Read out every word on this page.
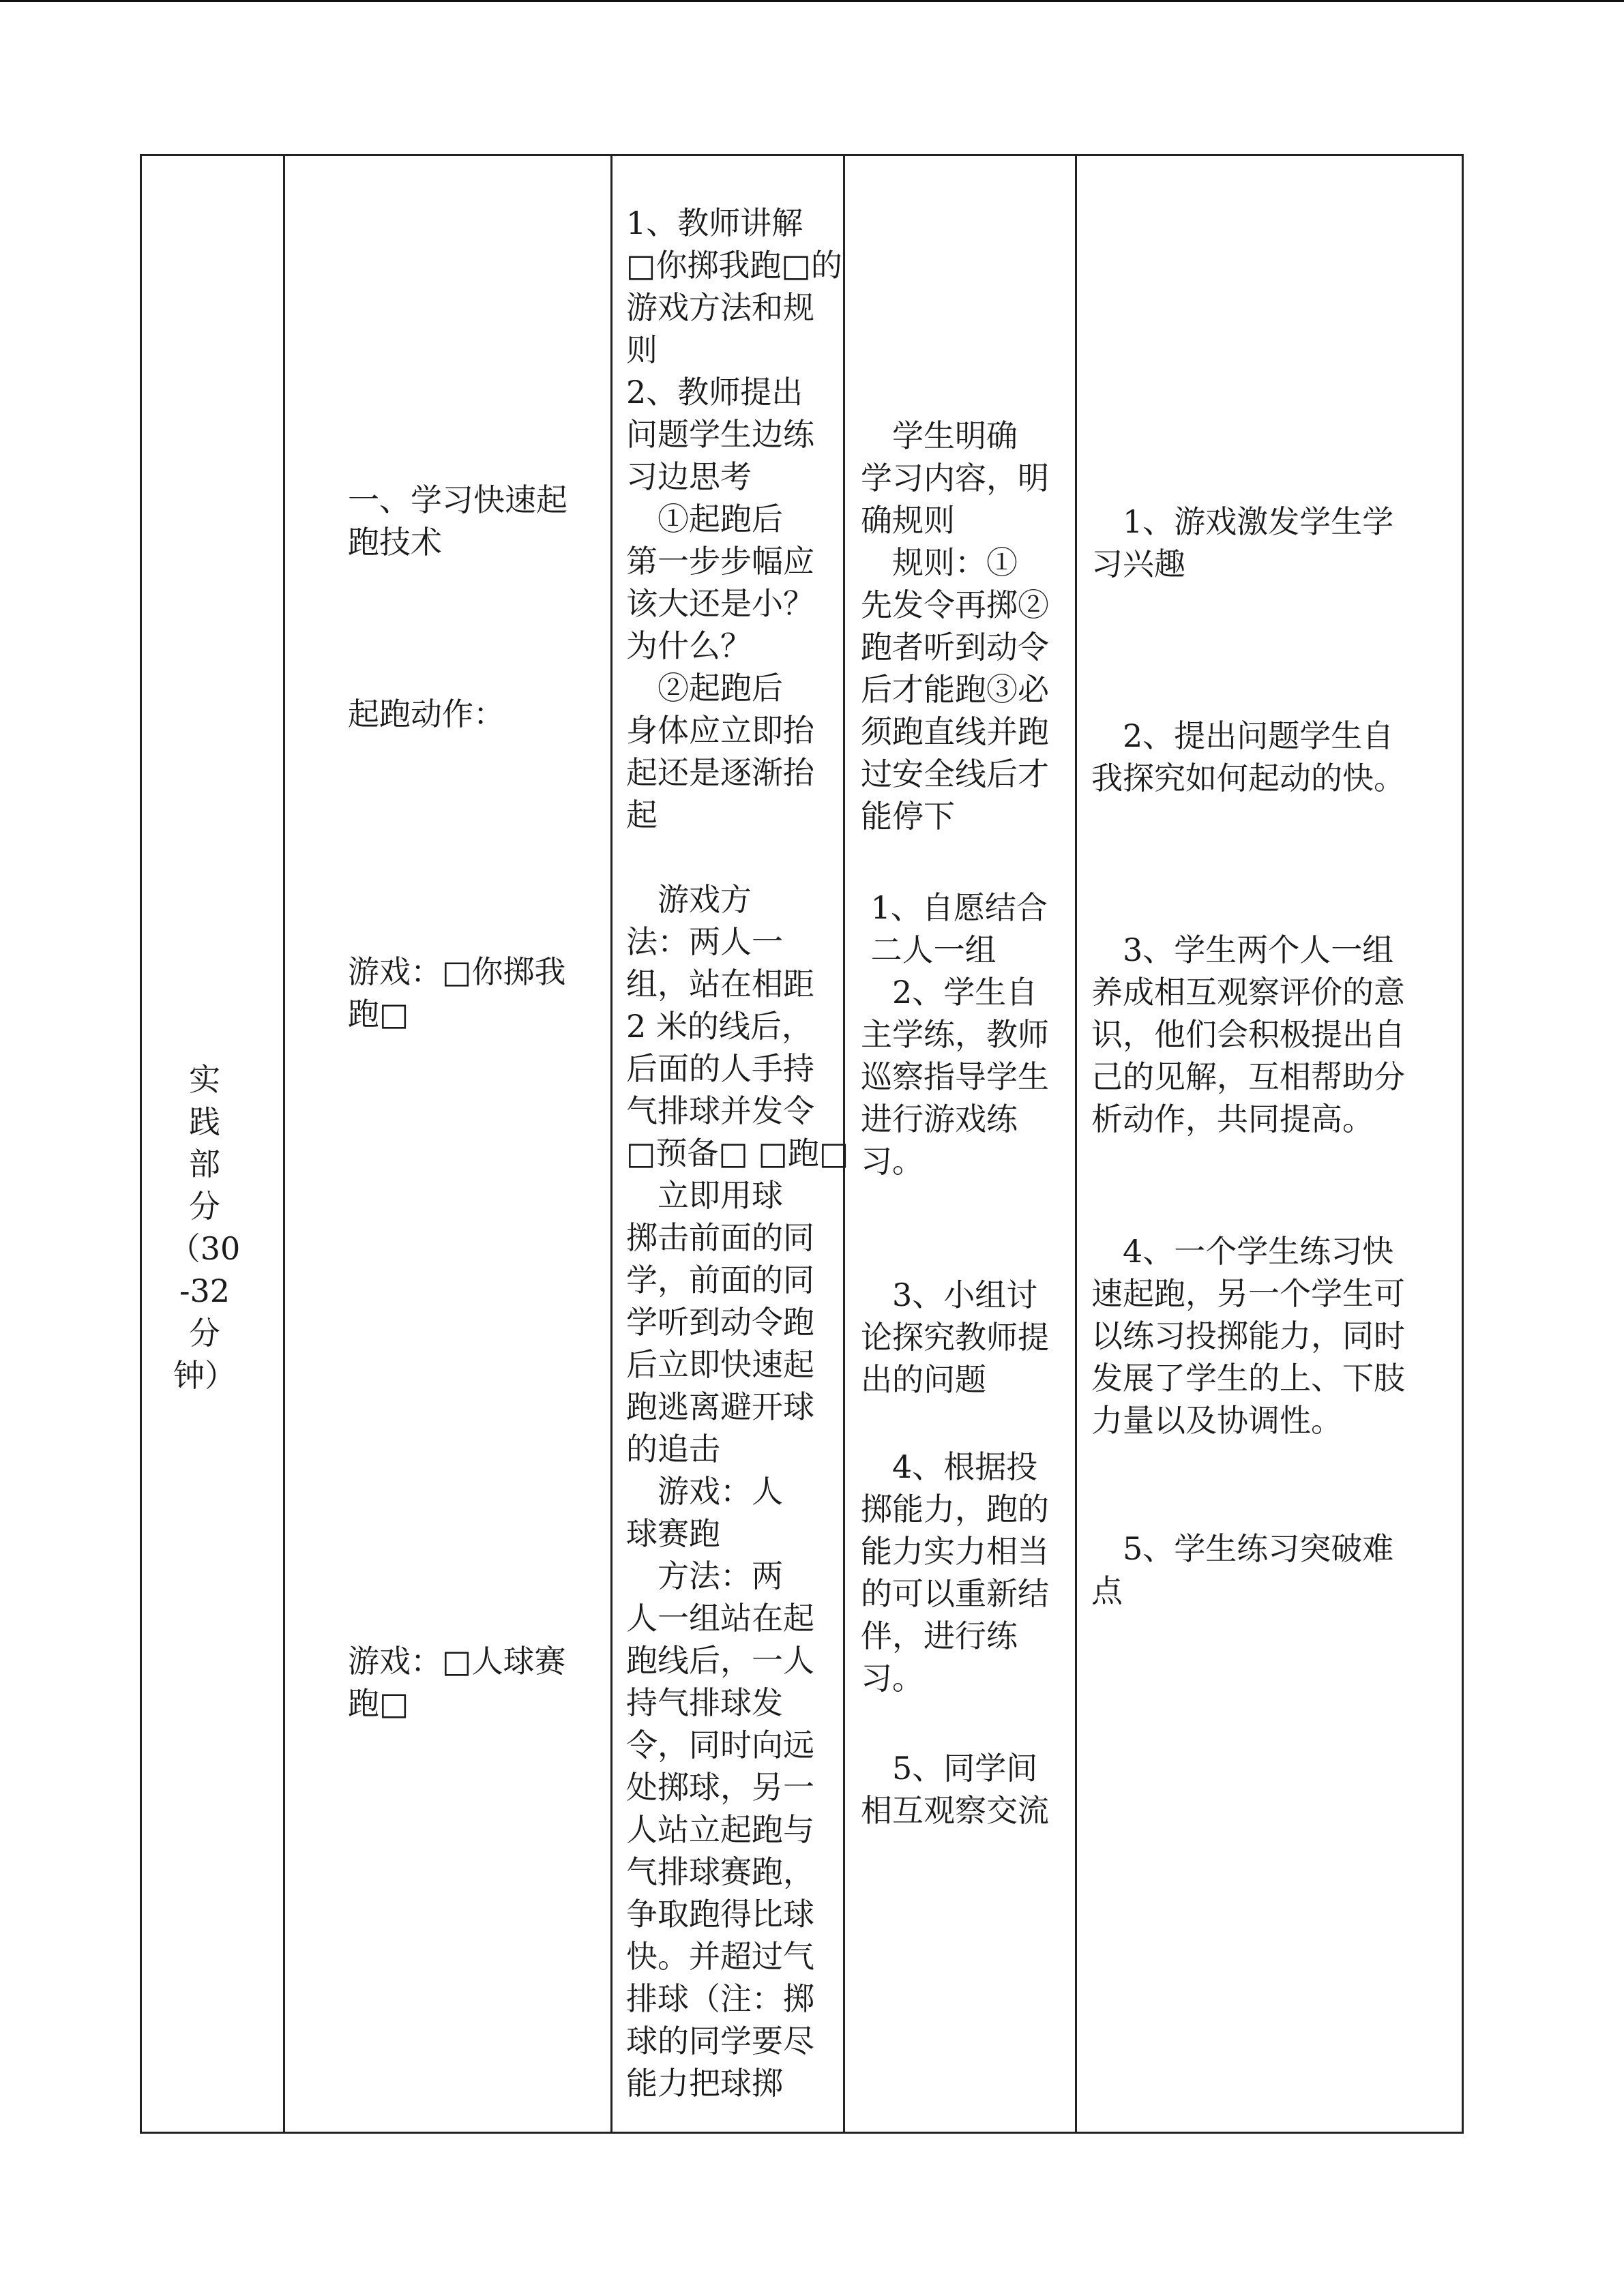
实

践

部

分

（30

-32

分

钟）

一、学习快速起

跑技术

起跑动作：

游戏：□你掷我

跑□

游戏：□人球赛

跑□

1、教师讲解

□你掷我跑□的

游戏方法和规

则

2、教师提出

问题学生边练

习边思考

　①起跑后

第一步步幅应

该大还是小？

为什么？

　②起跑后

身体应立即抬

起还是逐渐抬

起

　游戏方

法：两人一

组，站在相距

2 米的线后，

后面的人手持

气排球并发令

□预备□ □跑□

　立即用球

掷击前面的同

学，前面的同

学听到动令跑

后立即快速起

跑逃离避开球

的追击

　游戏：人

球赛跑

　方法：两

人一组站在起

跑线后，一人

持气排球发

令，同时向远

处掷球，另一

人站立起跑与

气排球赛跑，

争取跑得比球

快。并超过气

排球（注：掷

球的同学要尽

能力把球掷

　学生明确

学习内容，明

确规则

　规则：①

先发令再掷②

跑者听到动令

后才能跑③必

须跑直线并跑

过安全线后才

能停下

1、自愿结合

二人一组

　2、学生自

主学练，教师

巡察指导学生

进行游戏练

习。

　3、小组讨

论探究教师提

出的问题

　4、根据投

掷能力，跑的

能力实力相当

的可以重新结

伴，进行练

习。

　5、同学间

相互观察交流

　1、游戏激发学生学

习兴趣

　2、提出问题学生自

我探究如何起动的快。

　3、学生两个人一组

养成相互观察评价的意

识，他们会积极提出自

己的见解，互相帮助分

析动作，共同提高。

　4、一个学生练习快

速起跑，另一个学生可

以练习投掷能力，同时

发展了学生的上、下肢

力量以及协调性。

　5、学生练习突破难

点
